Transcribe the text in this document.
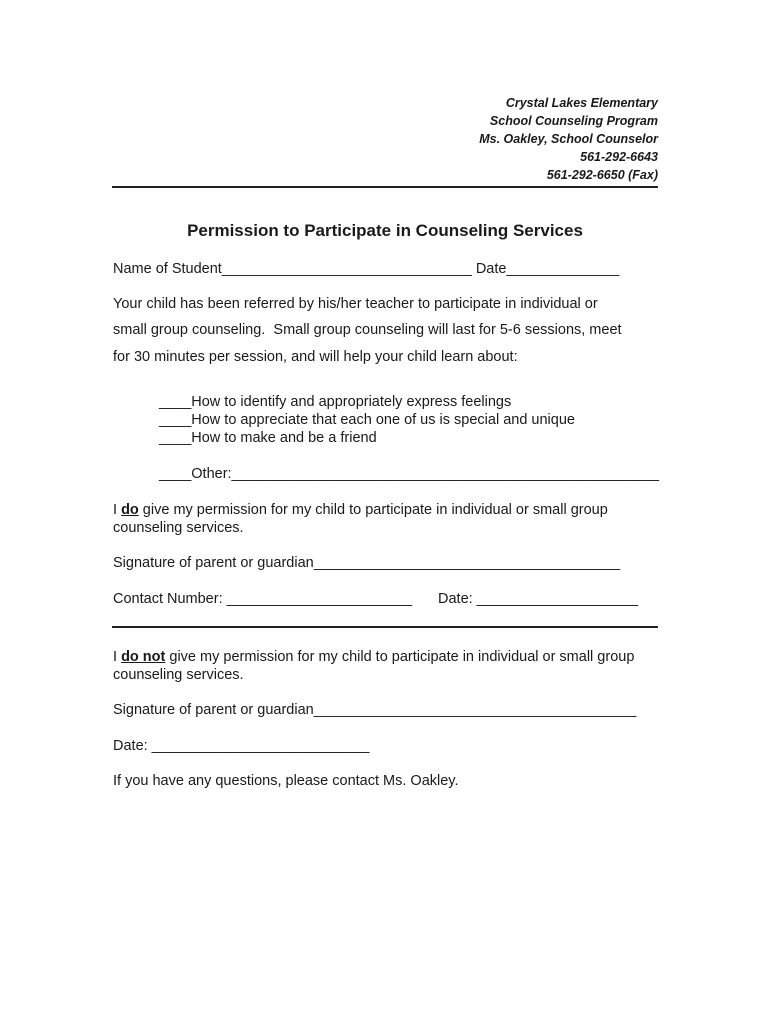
Crystal Lakes Elementary
School Counseling Program
Ms. Oakley, School Counselor
561-292-6643
561-292-6650 (Fax)
Permission to Participate in Counseling Services
Name of Student_______________________________ Date______________
Your child has been referred by his/her teacher to participate in individual or
small group counseling.  Small group counseling will last for 5-6 sessions, meet
for 30 minutes per session, and will help your child learn about:
____How to identify and appropriately express feelings
____How to appreciate that each one of us is special and unique
____How to make and be a friend
____Other:_____________________________________________________
I do give my permission for my child to participate in individual or small group
counseling services.
Signature of parent or guardian______________________________________
Contact Number: _______________________ Date: ____________________
I do not give my permission for my child to participate in individual or small group
counseling services.
Signature of parent or guardian________________________________________
Date: ___________________________
If you have any questions, please contact Ms. Oakley.
